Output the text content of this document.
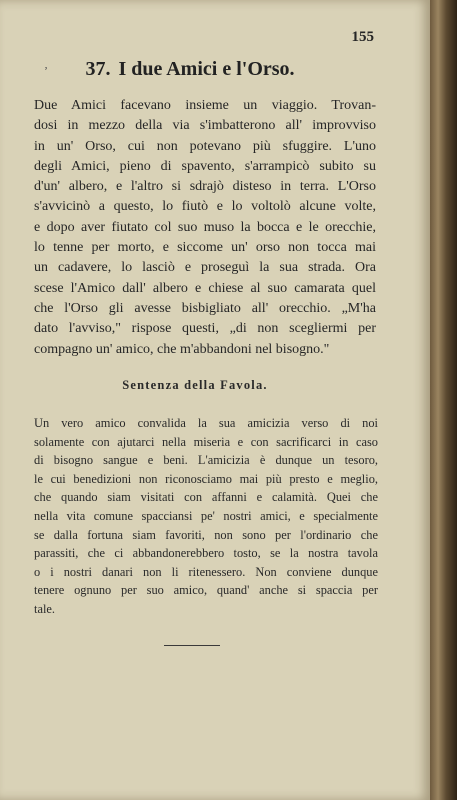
155
ʼ	37. I due Amici e l'Orso.

Due Amici facevano insieme un viaggio. Trovan-
dosi in mezzo della via s'imbatterono all' improvviso
in un' Orso, cui non potevano più sfuggire. L'uno
degli Amici, pieno di spavento, s'arrampicò subito su
d'un' albero, e l'altro si sdrajò disteso in terra. L'Orso
s'avvicinò a questo, lo fiutò e lo voltolò alcune volte,
e dopo aver fiutato col suo muso la bocca e le orecchie,
lo tenne per morto, e siccome un' orso non tocca mai
un cadavere, lo lasciò e proseguì la sua strada. Ora
scese l'Amico dall' albero e chiese al suo camarata quel
che l'Orso gli avesse bisbigliato all' orecchio. „M'ha
dato l'avviso," rispose questi, „di non scegliermi per
compagno un' amico, che m'abbandoni nel bisogno."

Sentenza della Favola.

Un vero amico convalida la sua amicizia verso di noi
solamente con ajutarci nella miseria e con sacrificarci in caso
di bisogno sangue e beni. L'amicizia è dunque un tesoro,
le cui benedizioni non riconosciamo mai più presto e meglio,
che quando siam visitati con affanni e calamità. Quei che
nella vita comune spacciansi pe' nostri amici, e specialmente
se dalla fortuna siam favoriti, non sono per l'ordinario che
parassiti, che ci abbandonerebbero tosto, se la nostra tavola
o i nostri danari non li ritenessero. Non conviene dunque
tenere ognuno per suo amico, quand' anche si spaccia per
tale.
